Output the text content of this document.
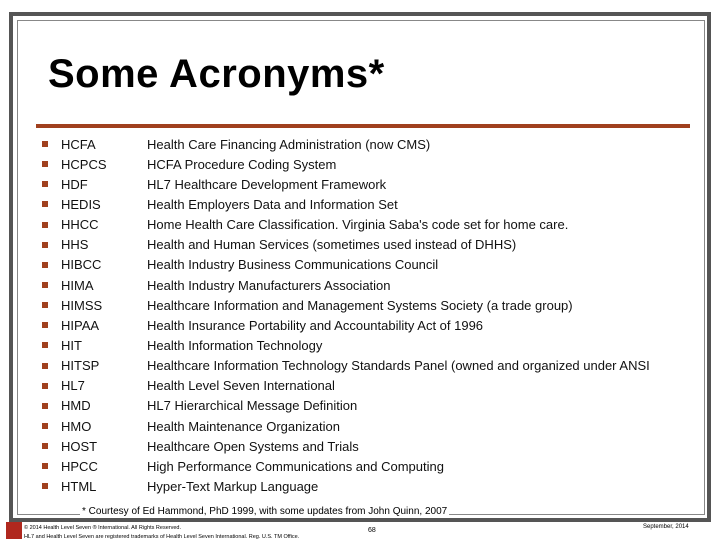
Some Acronyms*
HCFA	Health Care Financing Administration (now CMS)
HCPCS	HCFA Procedure Coding System
HDF	HL7 Healthcare Development Framework
HEDIS	Health Employers Data and Information Set
HHCC	Home Health Care Classification. Virginia Saba's code set for home care.
HHS	Health and Human Services (sometimes used instead of DHHS)
HIBCC	Health Industry Business Communications Council
HIMA	Health Industry Manufacturers Association
HIMSS	Healthcare Information and Management Systems Society (a trade group)
HIPAA	Health Insurance Portability and Accountability Act of 1996
HIT	Health Information Technology
HITSP	Healthcare Information Technology Standards Panel (owned and organized under ANSI
HL7	Health Level Seven International
HMD	HL7 Hierarchical Message Definition
HMO	Health Maintenance Organization
HOST	Healthcare Open Systems and Trials
HPCC	High Performance Communications and Computing
HTML	Hyper-Text Markup Language
* Courtesy of Ed Hammond, PhD 1999, with some updates from John Quinn, 2007
© 2014 Health Level Seven ® International. All Rights Reserved.
HL7 and Health Level Seven are registered trademarks of Health Level Seven International. Reg. U.S. TM Office.
68	September, 2014
